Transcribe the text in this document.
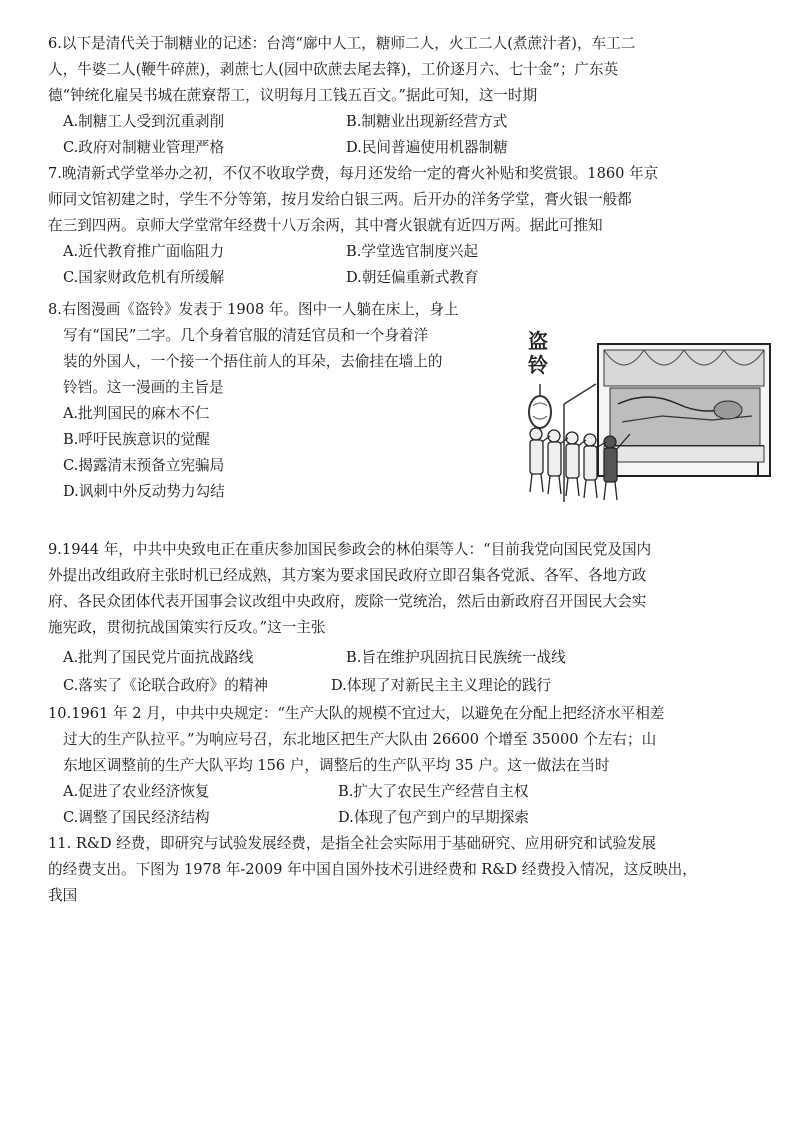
6.以下是清代关于制糖业的记述：台湾“廍中人工，糖师二人，火工二人(煮蔗汁者)，车工二
人，牛婆二人(鞭牛碎蔗)，剥蔗七人(园中砍蔗去尾去箨)，工价逐月六、七十金”；广东英
德“钟统化雇吴书城在蔗寮帮工，议明每月工钱五百文。”据此可知，这一时期
A.制糖工人受到沉重剥削	B.制糖业出现新经营方式
C.政府对制糖业管理严格	D.民间普遍使用机器制糖
7.晚清新式学堂举办之初，不仅不收取学费，每月还发给一定的膏火补贴和奖赏银。1860 年京
师同文馆初建之时，学生不分等第，按月发给白银三两。后开办的洋务学堂，膏火银一般都
在三到四两。京师大学堂常年经费十八万余两，其中膏火银就有近四万两。据此可推知
A.近代教育推广面临阻力	B.学堂选官制度兴起
C.国家财政危机有所缓解	D.朝廷偏重新式教育
8.右图漫画《盗铃》发表于 1908 年。图中一人躺在床上，身上
写有“国民”二字。几个身着官服的清廷官员和一个身着洋
装的外国人，一个接一个捂住前人的耳朵，去偷挂在墙上的
铃铛。这一漫画的主旨是
A.批判国民的麻木不仁
B.呼吁民族意识的觉醒
C.揭露清末预备立宪骗局
D.讽刺中外反动势力勾结
盗
铃
9.1944 年，中共中央致电正在重庆参加国民参政会的林伯渠等人：“目前我党向国民党及国内
外提出改组政府主张时机已经成熟，其方案为要求国民政府立即召集各党派、各军、各地方政
府、各民众团体代表开国事会议改组中央政府，废除一党统治，然后由新政府召开国民大会实
施宪政，贯彻抗战国策实行反攻。”这一主张
A.批判了国民党片面抗战路线	B.旨在维护巩固抗日民族统一战线
C.落实了《论联合政府》的精神	D.体现了对新民主主义理论的践行
10.1961 年 2 月，中共中央规定：“生产大队的规模不宜过大，以避免在分配上把经济水平相差
过大的生产队拉平。”为响应号召，东北地区把生产大队由 26600 个增至 35000 个左右；山
东地区调整前的生产大队平均 156 户，调整后的生产队平均 35 户。这一做法在当时
A.促进了农业经济恢复	B.扩大了农民生产经营自主权
C.调整了国民经济结构	D.体现了包产到户的早期探索
11. R&D 经费，即研究与试验发展经费，是指全社会实际用于基础研究、应用研究和试验发展
的经费支出。下图为 1978 年-2009 年中国自国外技术引进经费和 R&D 经费投入情况，这反映出，
我国
